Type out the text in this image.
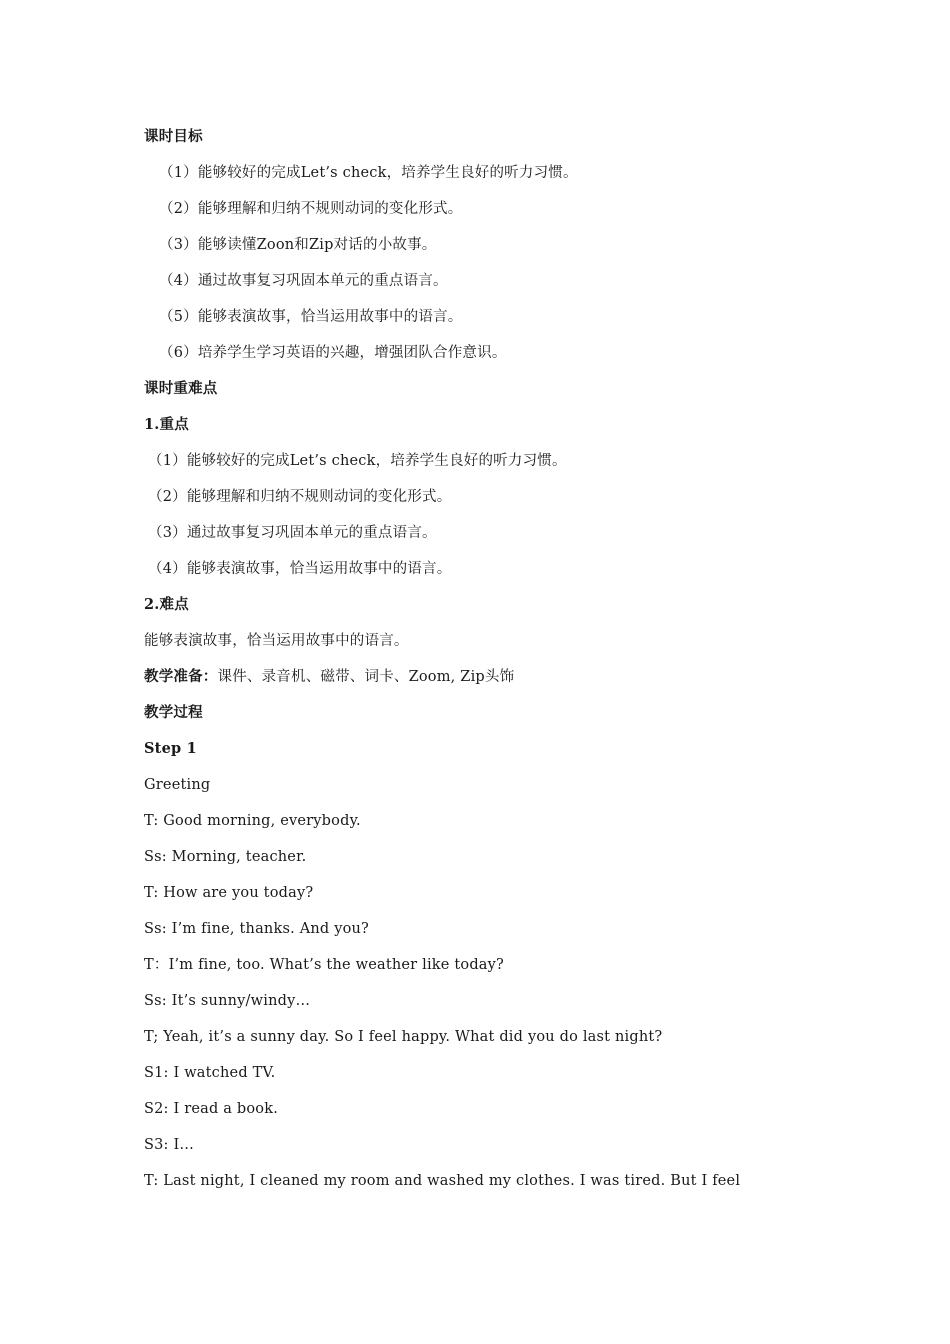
课时目标
（1）能够较好的完成Let’s check，培养学生良好的听力习惯。
（2）能够理解和归纳不规则动词的变化形式。
（3）能够读懂Zoon和Zip对话的小故事。
（4）通过故事复习巩固本单元的重点语言。
（5）能够表演故事，恰当运用故事中的语言。
（6）培养学生学习英语的兴趣，增强团队合作意识。
课时重难点
1.重点
（1）能够较好的完成Let’s check，培养学生良好的听力习惯。
（2）能够理解和归纳不规则动词的变化形式。
（3）通过故事复习巩固本单元的重点语言。
（4）能够表演故事，恰当运用故事中的语言。
2.难点
能够表演故事，恰当运用故事中的语言。
教学准备：课件、录音机、磁带、词卡、Zoom, Zip头饰
教学过程
Step 1
Greeting
T: Good morning, everybody.
Ss: Morning, teacher.
T: How are you today?
Ss: I’m fine, thanks. And you?
T：I’m fine, too. What’s the weather like today?
Ss: It’s sunny/windy…
T; Yeah, it’s a sunny day. So I feel happy. What did you do last night?
S1: I watched TV.
S2: I read a book.
S3: I…
T: Last night, I cleaned my room and washed my clothes. I was tired. But I feel
